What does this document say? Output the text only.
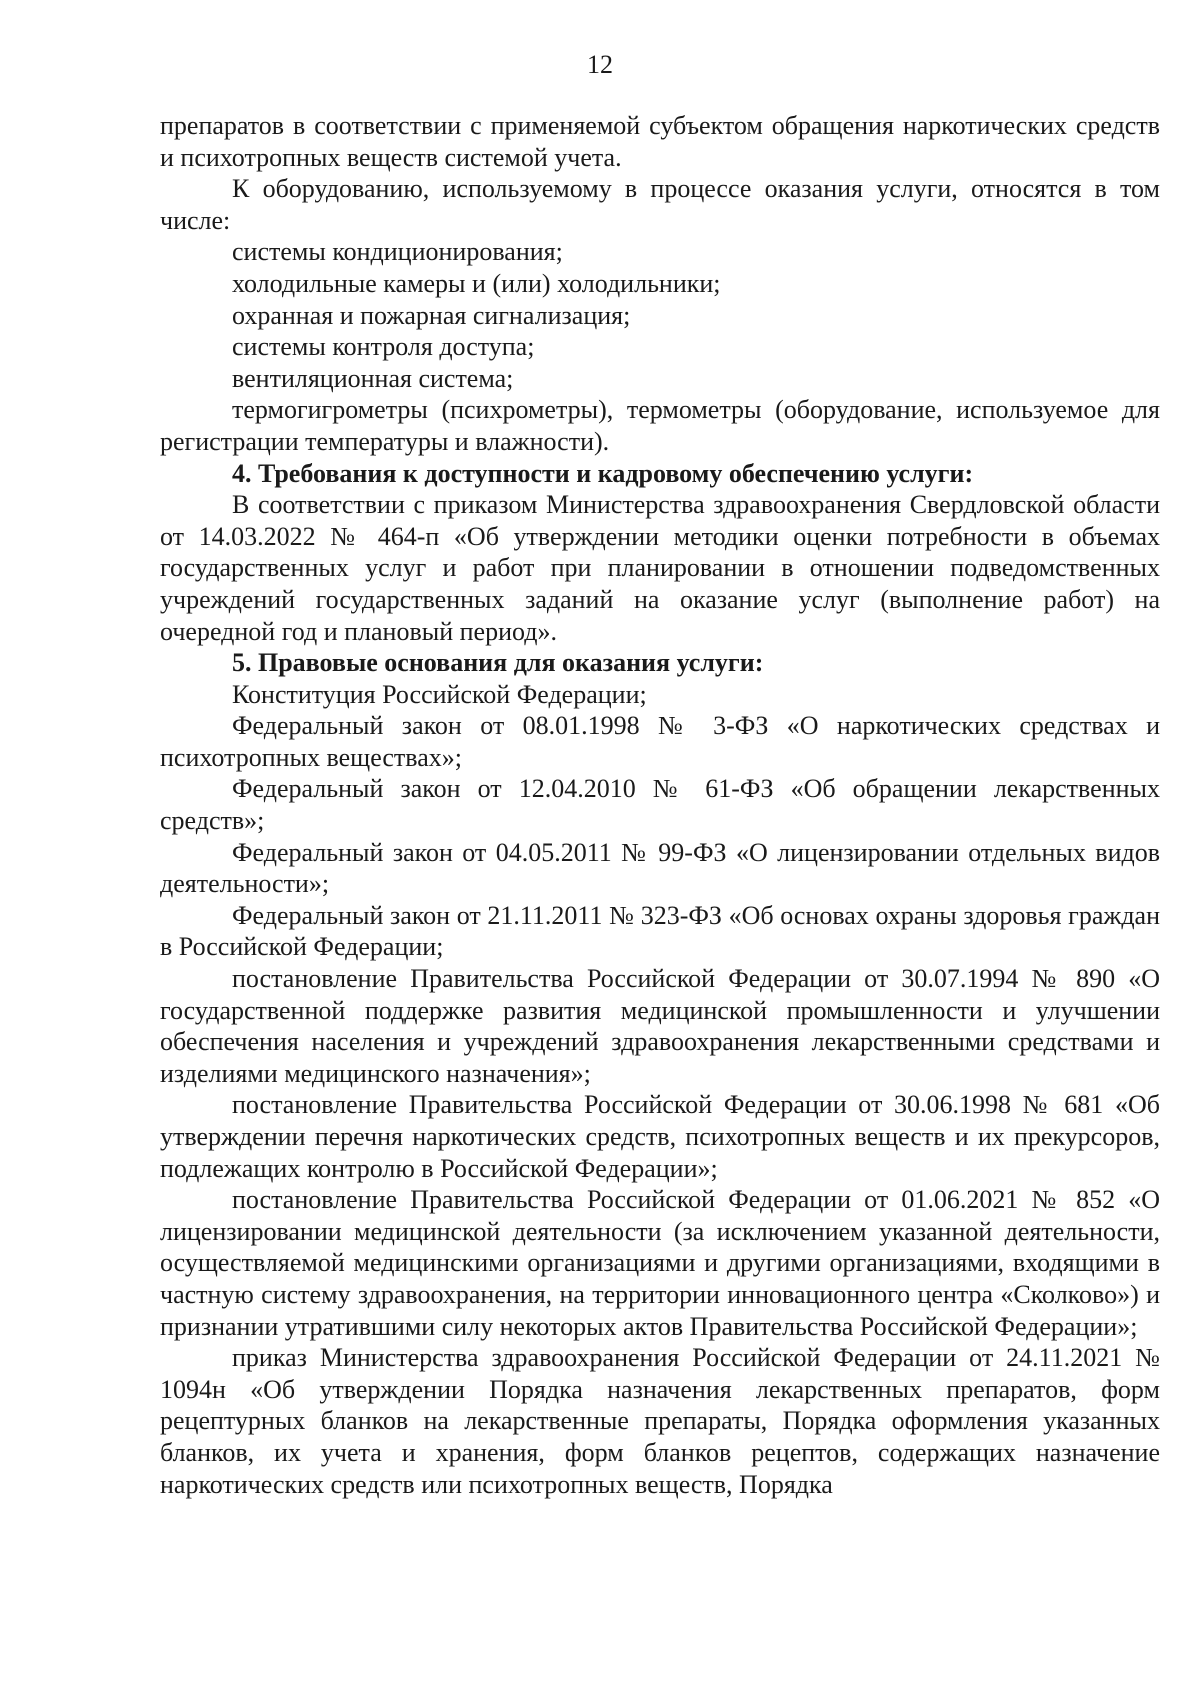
12

препаратов в соответствии с применяемой субъектом обращения наркотических средств и психотропных веществ системой учета.

К оборудованию, используемому в процессе оказания услуги, относятся в том числе:

системы кондиционирования;

холодильные камеры и (или) холодильники;

охранная и пожарная сигнализация;

системы контроля доступа;

вентиляционная система;

термогигрометры (психрометры), термометры (оборудование, используемое для регистрации температуры и влажности).

4. Требования к доступности и кадровому обеспечению услуги:

В соответствии с приказом Министерства здравоохранения Свердловской области от 14.03.2022 № 464-п «Об утверждении методики оценки потребности в объемах государственных услуг и работ при планировании в отношении подведомственных учреждений государственных заданий на оказание услуг (выполнение работ) на очередной год и плановый период».

5. Правовые основания для оказания услуги:

Конституция Российской Федерации;

Федеральный закон от 08.01.1998 № 3-ФЗ «О наркотических средствах и психотропных веществах»;

Федеральный закон от 12.04.2010 № 61-ФЗ «Об обращении лекарственных средств»;

Федеральный закон от 04.05.2011 № 99-ФЗ «О лицензировании отдельных видов деятельности»;

Федеральный закон от 21.11.2011 № 323-ФЗ «Об основах охраны здоровья граждан в Российской Федерации;

постановление Правительства Российской Федерации от 30.07.1994 № 890 «О государственной поддержке развития медицинской промышленности и улучшении обеспечения населения и учреждений здравоохранения лекарственными средствами и изделиями медицинского назначения»;

постановление Правительства Российской Федерации от 30.06.1998 № 681 «Об утверждении перечня наркотических средств, психотропных веществ и их прекурсоров, подлежащих контролю в Российской Федерации»;

постановление Правительства Российской Федерации от 01.06.2021 № 852 «О лицензировании медицинской деятельности (за исключением указанной деятельности, осуществляемой медицинскими организациями и другими организациями, входящими в частную систему здравоохранения, на территории инновационного центра «Сколково») и признании утратившими силу некоторых актов Правительства Российской Федерации»;

приказ Министерства здравоохранения Российской Федерации от 24.11.2021 № 1094н «Об утверждении Порядка назначения лекарственных препаратов, форм рецептурных бланков на лекарственные препараты, Порядка оформления указанных бланков, их учета и хранения, форм бланков рецептов, содержащих назначение наркотических средств или психотропных веществ, Порядка
